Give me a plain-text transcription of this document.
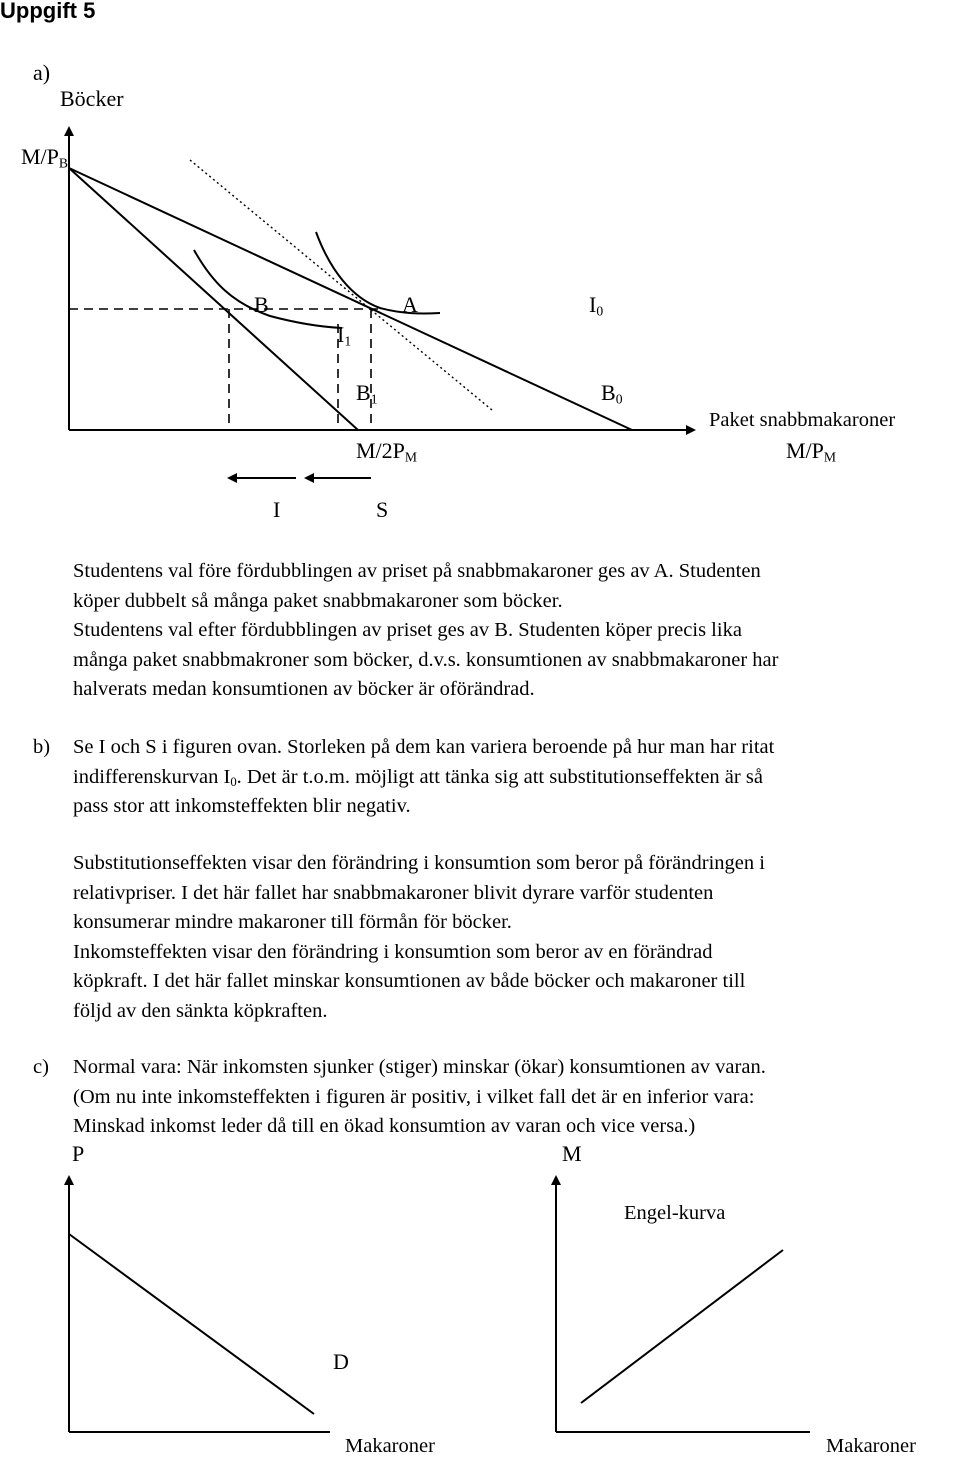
Uppgift 5
a)
Böcker
$M/P_B$
B	A
$I_1$
$I_0$
$B_1$	$B_0$
Paket snabbmakaroner
$M/2P_M$	$M/P_M$
I	S
Studentens val före fördubblingen av priset på snabbmakaroner ges av A. Studenten
köper dubbelt så många paket snabbmakaroner som böcker.
Studentens val efter fördubblingen av priset ges av B. Studenten köper precis lika
många paket snabbmakroner som böcker, d.v.s. konsumtionen av snabbmakaroner har
halverats medan konsumtionen av böcker är oförändrad.
b) Se I och S i figuren ovan. Storleken på dem kan variera beroende på hur man har ritat
indifferenskurvan $I_0$. Det är t.o.m. möjligt att tänka sig att substitutionseffekten är så
pass stor att inkomsteffekten blir negativ.
Substitutionseffekten visar den förändring i konsumtion som beror på förändringen i
relativpriser. I det här fallet har snabbmakaroner blivit dyrare varför studenten
konsumerar mindre makaroner till förmån för böcker.
Inkomsteffekten visar den förändring i konsumtion som beror av en förändrad
köpkraft. I det här fallet minskar konsumtionen av både böcker och makaroner till
följd av den sänkta köpkraften.
c) Normal vara: När inkomsten sjunker (stiger) minskar (ökar) konsumtionen av varan.
(Om nu inte inkomsteffekten i figuren är positiv, i vilket fall det är en inferior vara:
Minskad inkomst leder då till en ökad konsumtion av varan och vice versa.)
P
D
Makaroner
M
Engel-kurva
Makaroner
